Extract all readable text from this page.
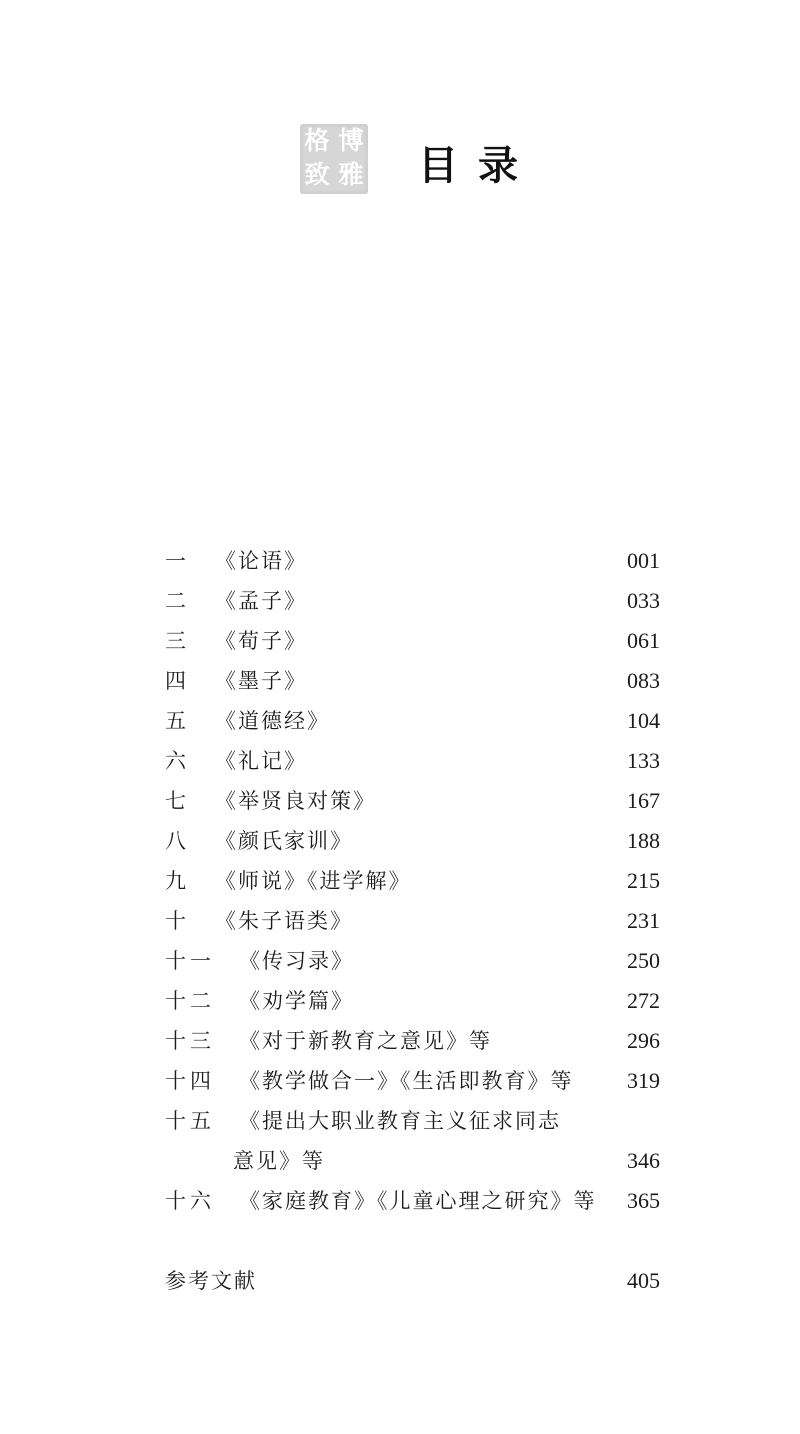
博
雅
格
致 目录
一 《论语》	001
二 《孟子》	033
三 《荀子》	061
四 《墨子》	083
五 《道德经》	104
六 《礼记》	133
七 《举贤良对策》	167
八 《颜氏家训》	188
九 《师说》《进学解》	215
十 《朱子语类》	231
十一 《传习录》	250
十二 《劝学篇》	272
十三 《对于新教育之意见》等	296
十四 《教学做合一》《生活即教育》等 319
十五 《提出大职业教育主义征求同志
意见》等	346
十六 《家庭教育》《儿童心理之研究》等 365
参考文献	405
